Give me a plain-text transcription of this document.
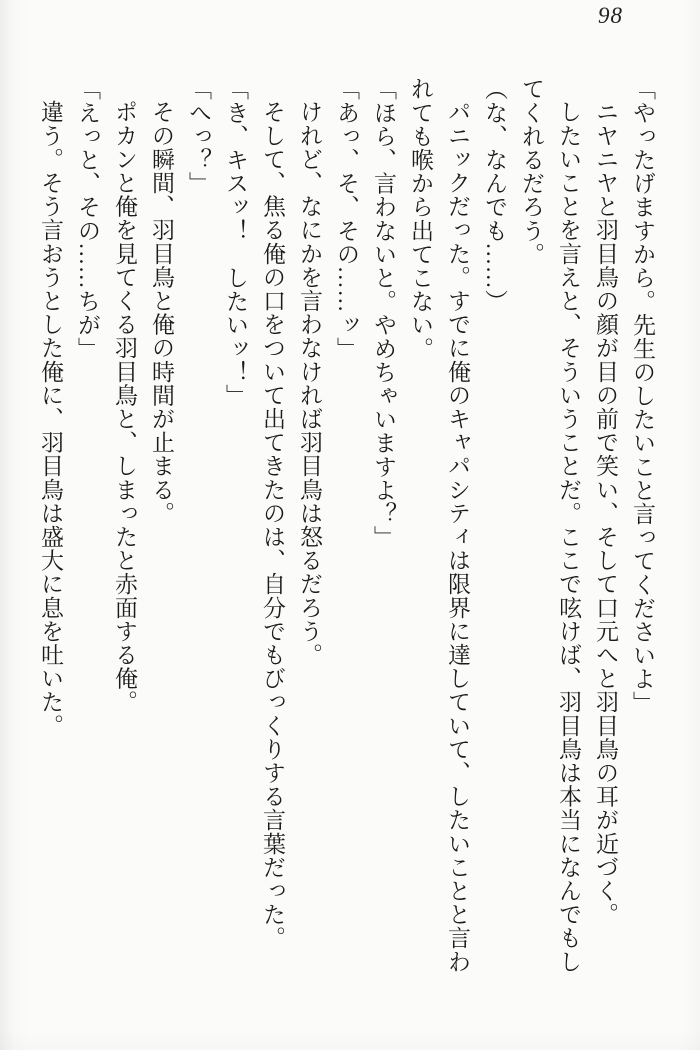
98

「やったげますから。先生のしたいこと言ってくださいよ」

ニヤニヤと羽目鳥の顔が目の前で笑い、そして口元へと羽目鳥の耳が近づく。

したいことを言えと、そういうことだ。ここで呟けば、羽目鳥は本当になんでもしてくれるだろう。

（な、なんでも……）

パニックだった。すでに俺のキャパシティは限界に達していて、したいことと言われても喉から出てこない。

「ほら、言わないと。やめちゃいますよ？」

「あっ、そ、その……ッ」

けれど、なにかを言わなければ羽目鳥は怒るだろう。

そして、焦る俺の口をついて出てきたのは、自分でもびっくりする言葉だった。

「き、キスッ！　したいッ！」

「へっ？」

その瞬間、羽目鳥と俺の時間が止まる。

ポカンと俺を見てくる羽目鳥と、しまったと赤面する俺。

「えっと、その……ちが」

違う。そう言おうとした俺に、羽目鳥は盛大に息を吐いた。
